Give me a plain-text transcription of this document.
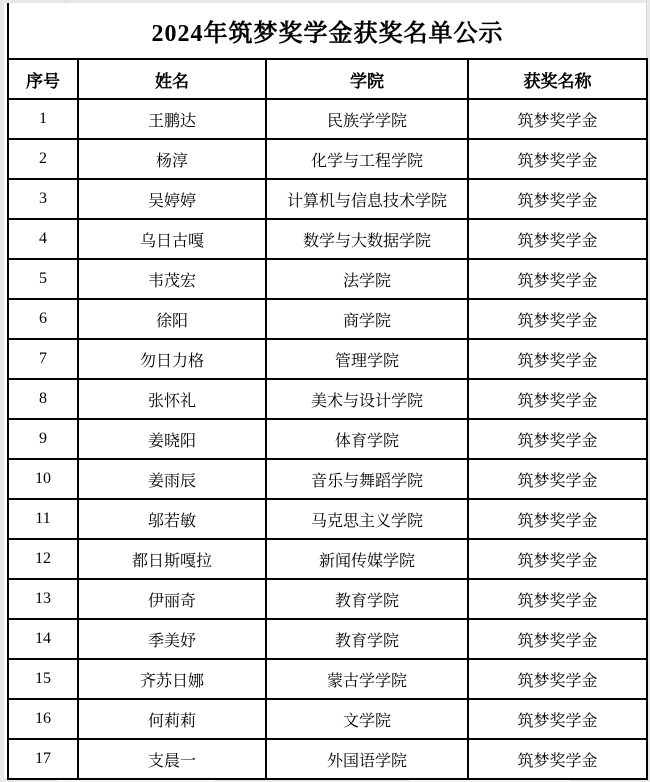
2024年筑梦奖学金获奖名单公示
序号	姓名	学院	获奖名称
1	王鹏达	民族学学院	筑梦奖学金
2	杨淳	化学与工程学院	筑梦奖学金
3	吴婷婷	计算机与信息技术学院	筑梦奖学金
4	乌日古嘎	数学与大数据学院	筑梦奖学金
5	韦茂宏	法学院	筑梦奖学金
6	徐阳	商学院	筑梦奖学金
7	勿日力格	管理学院	筑梦奖学金
8	张怀礼	美术与设计学院	筑梦奖学金
9	姜晓阳	体育学院	筑梦奖学金
10	姜雨辰	音乐与舞蹈学院	筑梦奖学金
11	邬若敏	马克思主义学院	筑梦奖学金
12	都日斯嘎拉	新闻传媒学院	筑梦奖学金
13	伊丽奇	教育学院	筑梦奖学金
14	季美妤	教育学院	筑梦奖学金
15	齐苏日娜	蒙古学学院	筑梦奖学金
16	何莉莉	文学院	筑梦奖学金
17	支晨一	外国语学院	筑梦奖学金
